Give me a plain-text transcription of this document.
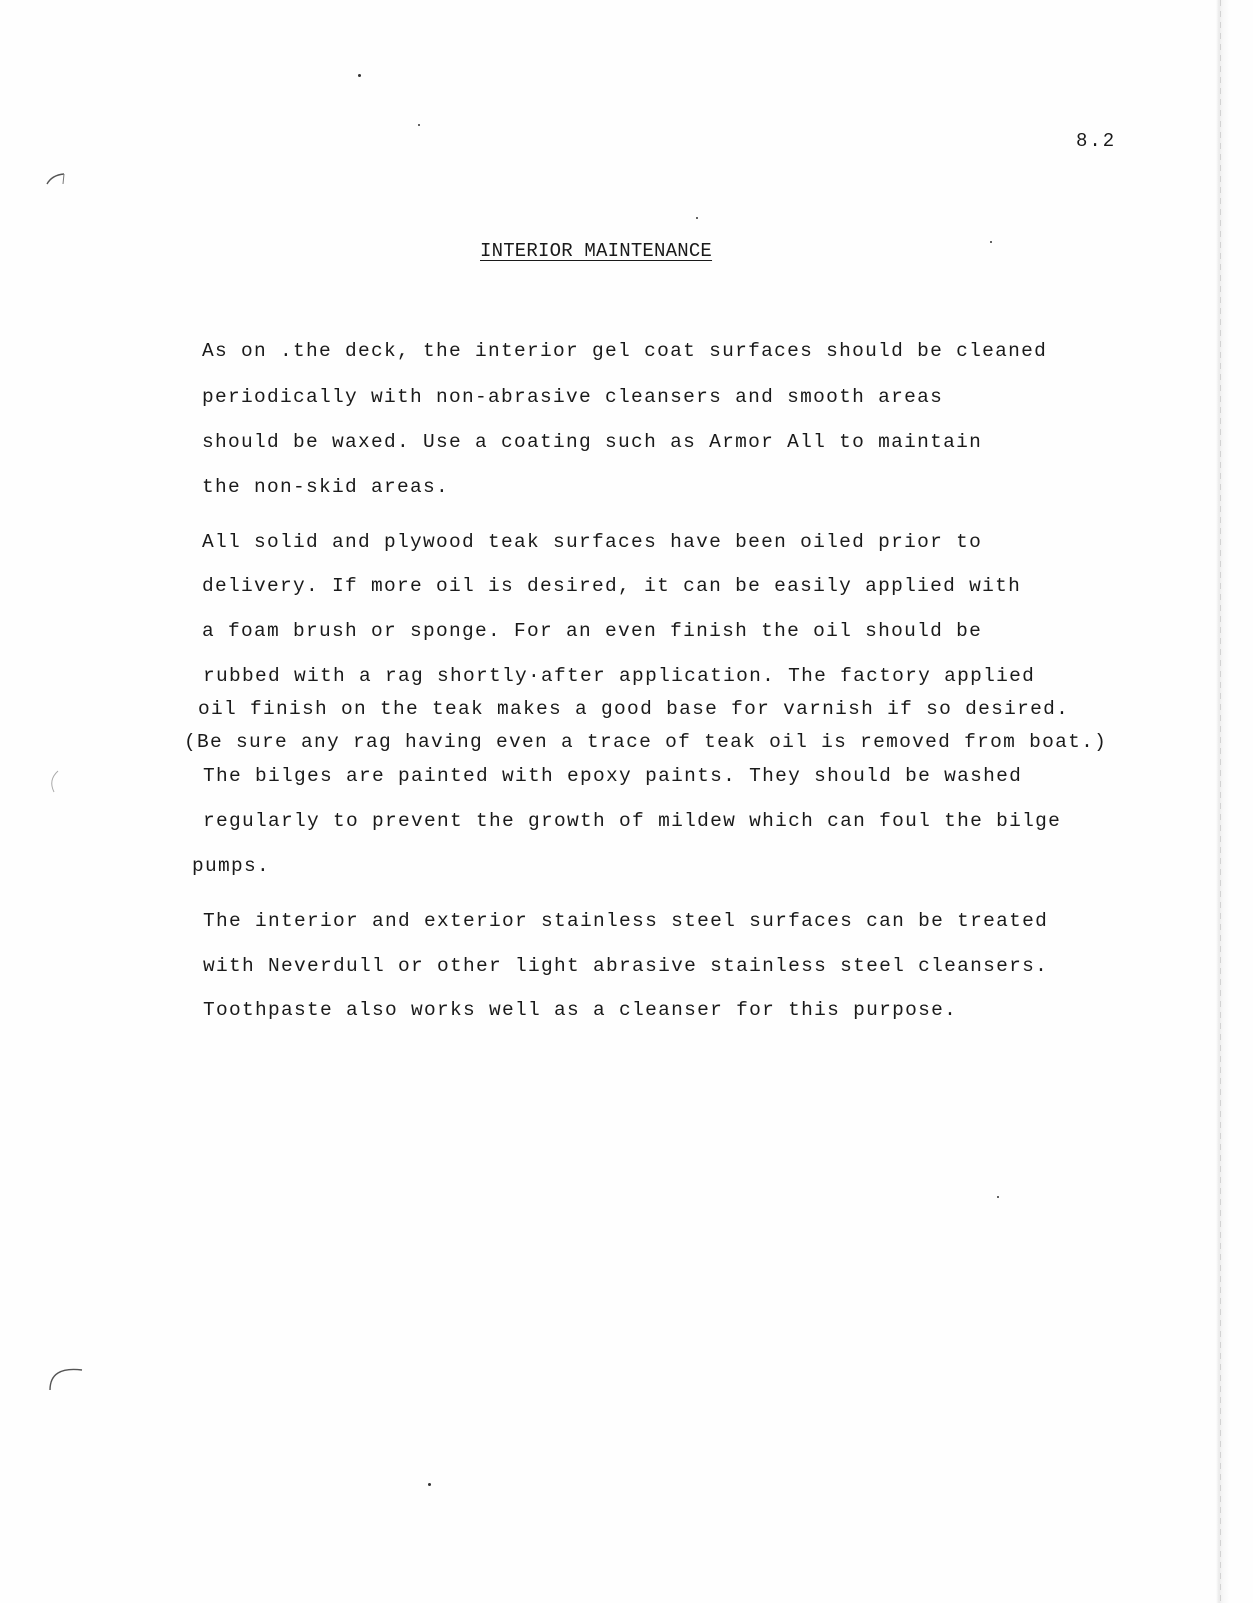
8.2
INTERIOR MAINTENANCE
As on .the deck, the interior gel coat surfaces should be cleaned
periodically with non-abrasive cleansers and smooth areas
should be waxed. Use a coating such as Armor All to maintain
the non-skid areas.
All solid and plywood teak surfaces have been oiled prior to
delivery. If more oil is desired, it can be easily applied with
a foam brush or sponge. For an even finish the oil should be
rubbed with a rag shortly·after application. The factory applied
oil finish on the teak makes a good base for varnish if so desired.
(Be sure any rag having even a trace of teak oil is removed from boat.)
The bilges are painted with epoxy paints. They should be washed
regularly to prevent the growth of mildew which can foul the bilge
pumps.
The interior and exterior stainless steel surfaces can be treated
with Neverdull or other light abrasive stainless steel cleansers.
Toothpaste also works well as a cleanser for this purpose.
